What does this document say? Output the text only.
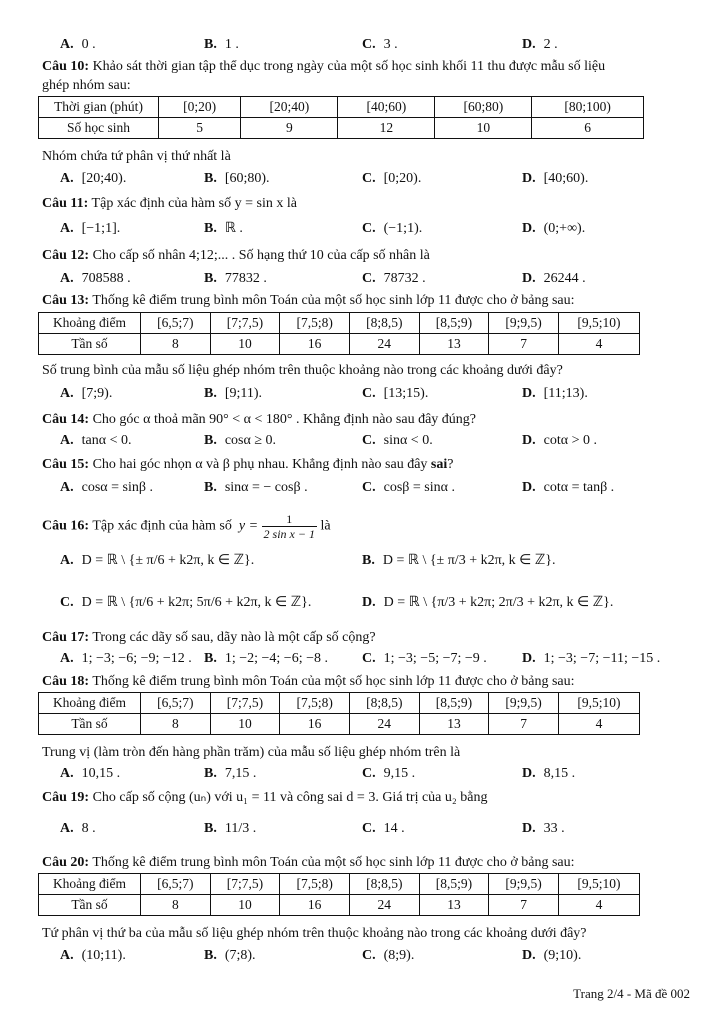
A. 0 .	B. 1 .	C. 3 .	D. 2 .
Câu 10: Khảo sát thời gian tập thể dục trong ngày của một số học sinh khối 11 thu được mẫu số liệu
ghép nhóm sau:
Thời gian (phút)	[0;20)	[20;40)	[40;60)	[60;80)	[80;100)
Số học sinh	5	9	12	10	6
Nhóm chứa tứ phân vị thứ nhất là
A. [20;40).	B. [60;80).	C. [0;20).	D. [40;60).
Câu 11: Tập xác định của hàm số y = sin x là
A. [−1;1].	B. ℝ .	C. (−1;1).	D. (0;+∞).
Câu 12: Cho cấp số nhân 4;12;... . Số hạng thứ 10 của cấp số nhân là
A. 708588 .	B. 77832 .	C. 78732 .	D. 26244 .
Câu 13: Thống kê điểm trung bình môn Toán của một số học sinh lớp 11 được cho ở bảng sau:
Khoảng điểm	[6,5;7)	[7;7,5)	[7,5;8)	[8;8,5)	[8,5;9)	[9;9,5)	[9,5;10)
Tần số	8	10	16	24	13	7	4
Số trung bình của mẫu số liệu ghép nhóm trên thuộc khoảng nào trong các khoảng dưới đây?
A. [7;9).	B. [9;11).	C. [13;15).	D. [11;13).
Câu 14: Cho góc α thoả mãn 90° < α < 180° . Khẳng định nào sau đây đúng?
A. tanα < 0.	B. cosα ≥ 0.	C. sinα < 0.	D. cotα > 0 .
Câu 15: Cho hai góc nhọn α và β phụ nhau. Khẳng định nào sau đây sai?
A. cosα = sinβ .	B. sinα = − cosβ .	C. cosβ = sinα .	D. cotα = tanβ .
Câu 16: Tập xác định của hàm số $y = \frac{1}{\text{2 sin x − 1}}$ là
A. D = ℝ \ {± π/6 + k2π, k ∈ ℤ}.	B. D = ℝ \ {± π/3 + k2π, k ∈ ℤ}.
C. D = ℝ \ {π/6 + k2π; 5π/6 + k2π, k ∈ ℤ}.	D. D = ℝ \ {π/3 + k2π; 2π/3 + k2π, k ∈ ℤ}.
Câu 17: Trong các dãy số sau, dãy nào là một cấp số cộng?
A. 1; −3; −6; −9; −12 . B. 1; −2; −4; −6; −8 . C. 1; −3; −5; −7; −9 .	D. 1; −3; −7; −11; −15 .
Câu 18: Thống kê điểm trung bình môn Toán của một số học sinh lớp 11 được cho ở bảng sau:
Khoảng điểm	[6,5;7)	[7;7,5)	[7,5;8)	[8;8,5)	[8,5;9)	[9;9,5)	[9,5;10)
Tần số	8	10	16	24	13	7	4
Trung vị (làm tròn đến hàng phần trăm) của mẫu số liệu ghép nhóm trên là
A. 10,15 .	B. 7,15 .	C. 9,15 .	D. 8,15 .
Câu 19: Cho cấp số cộng (uₙ) với u₁ = 11 và công sai d = 3. Giá trị của u₂ bằng
A. 8 .	B. 11/3 .	C. 14 .	D. 33 .
Câu 20: Thống kê điểm trung bình môn Toán của một số học sinh lớp 11 được cho ở bảng sau:
Khoảng điểm	[6,5;7)	[7;7,5)	[7,5;8)	[8;8,5)	[8,5;9)	[9;9,5)	[9,5;10)
Tần số	8	10	16	24	13	7	4
Tứ phân vị thứ ba của mẫu số liệu ghép nhóm trên thuộc khoảng nào trong các khoảng dưới đây?
A. (10;11).	B. (7;8).	C. (8;9).	D. (9;10).
Trang 2/4 - Mã đề 002
